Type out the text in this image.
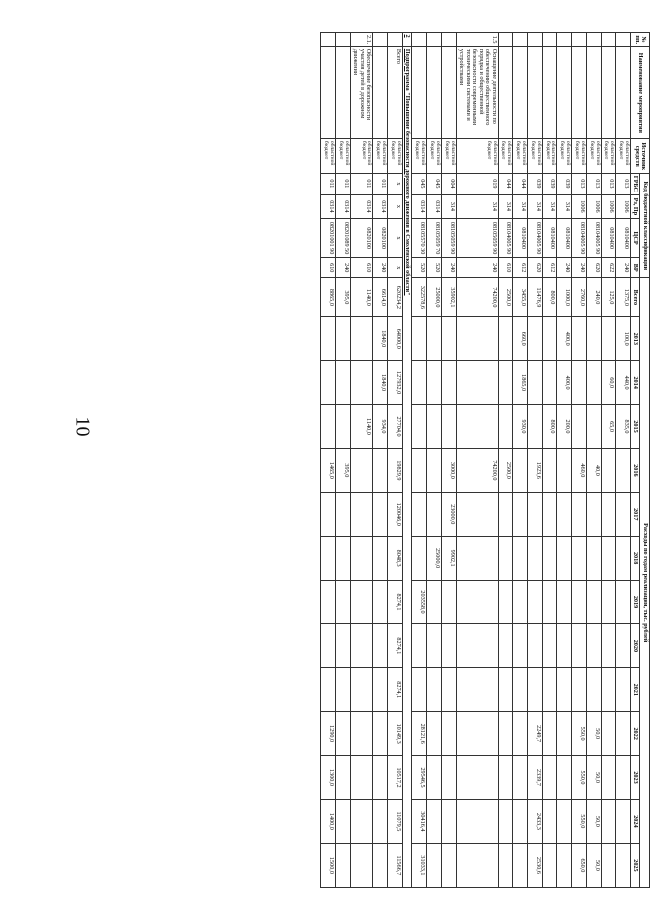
10
№ пп.	Наименование мероприятия	Источник средств	Код бюджетной классификации				Расходы по годам реализации, тыс. рублей													
			ГРБС	Рз, Пр	ЦСР	ВР	Всего	2013	2014	2015	2016	2017	2018	2019	2020	2021	2022	2023	2024	2025
		областной бюджет	013	1006	0810400	240	1375,0	100,0	440,0	835,0										
		областной бюджет	013	1006	0810400	622	125,0		60,0	65,0										
		областной бюджет	013	1006	08104005 90	620	240,0				40,0						50,0	50,0	50,0	50,0
		областной бюджет	013	1006	08104005 90	240	2760,0				460,0						550,0	550,0	550,0	650,0
		областной бюджет	039	314	0810400	240	1000,0	400,0	400,0	200,0										
		областной бюджет	039	314	0810400	612	800,0			800,0										
		областной бюджет	039	314	08104005 90	620	11476,9				1923,6						2249,7	2339,7	2433,3	2530,6
		областной бюджет	044	314	0810400	612	3455,0	660,0	1865,0	930,0										
		областной бюджет	044	314	08104005 90	610	2500,0				2500,0									
1.5	Оснащение деятельности по обеспечению общественного порядка и общественной безопасности современными техническими системами и устройствами	областной бюджет	019	314	08105059 90	240	74200,0				74200,0									
		областной бюджет	004	314	08105059 90	240	35902,1				3000,0	23000,0	9902,1							
		областной бюджет	045	0314	08105059 70	520	25000,0						25000,0							
		областной бюджет	045	0314	08105570 30	520	322578,6							203558,0			28121,6	29546,5	30416,4	31033,1
2	Подпрограмма "Повышение безопасности дорожного движения в Смоленской области"																			
	Всего	областной бюджет	x	x	x	x	620234,2	64000,0	127932,0	27704,0	19829,9	120046,0	8048,3	8274,1	8274,1	8274,1	10149,3	10517,2	11079,5	11566,7
		областной бюджет	011	0314	0820100	240	6614,0	1840,0	1840,0	934,0										
2.1.	Обеспечение безопасности участия детей в дорожном движении	областной бюджет	011	0314	0820100	610	1140,0			1140,0										
		областной бюджет	011	0314	08201089 50	240	395,0				395,0									
		областной бюджет	011	0314	08201001 90	610	8865,0				1465,0						1290,0	1300,0	1400,0	1500,0
